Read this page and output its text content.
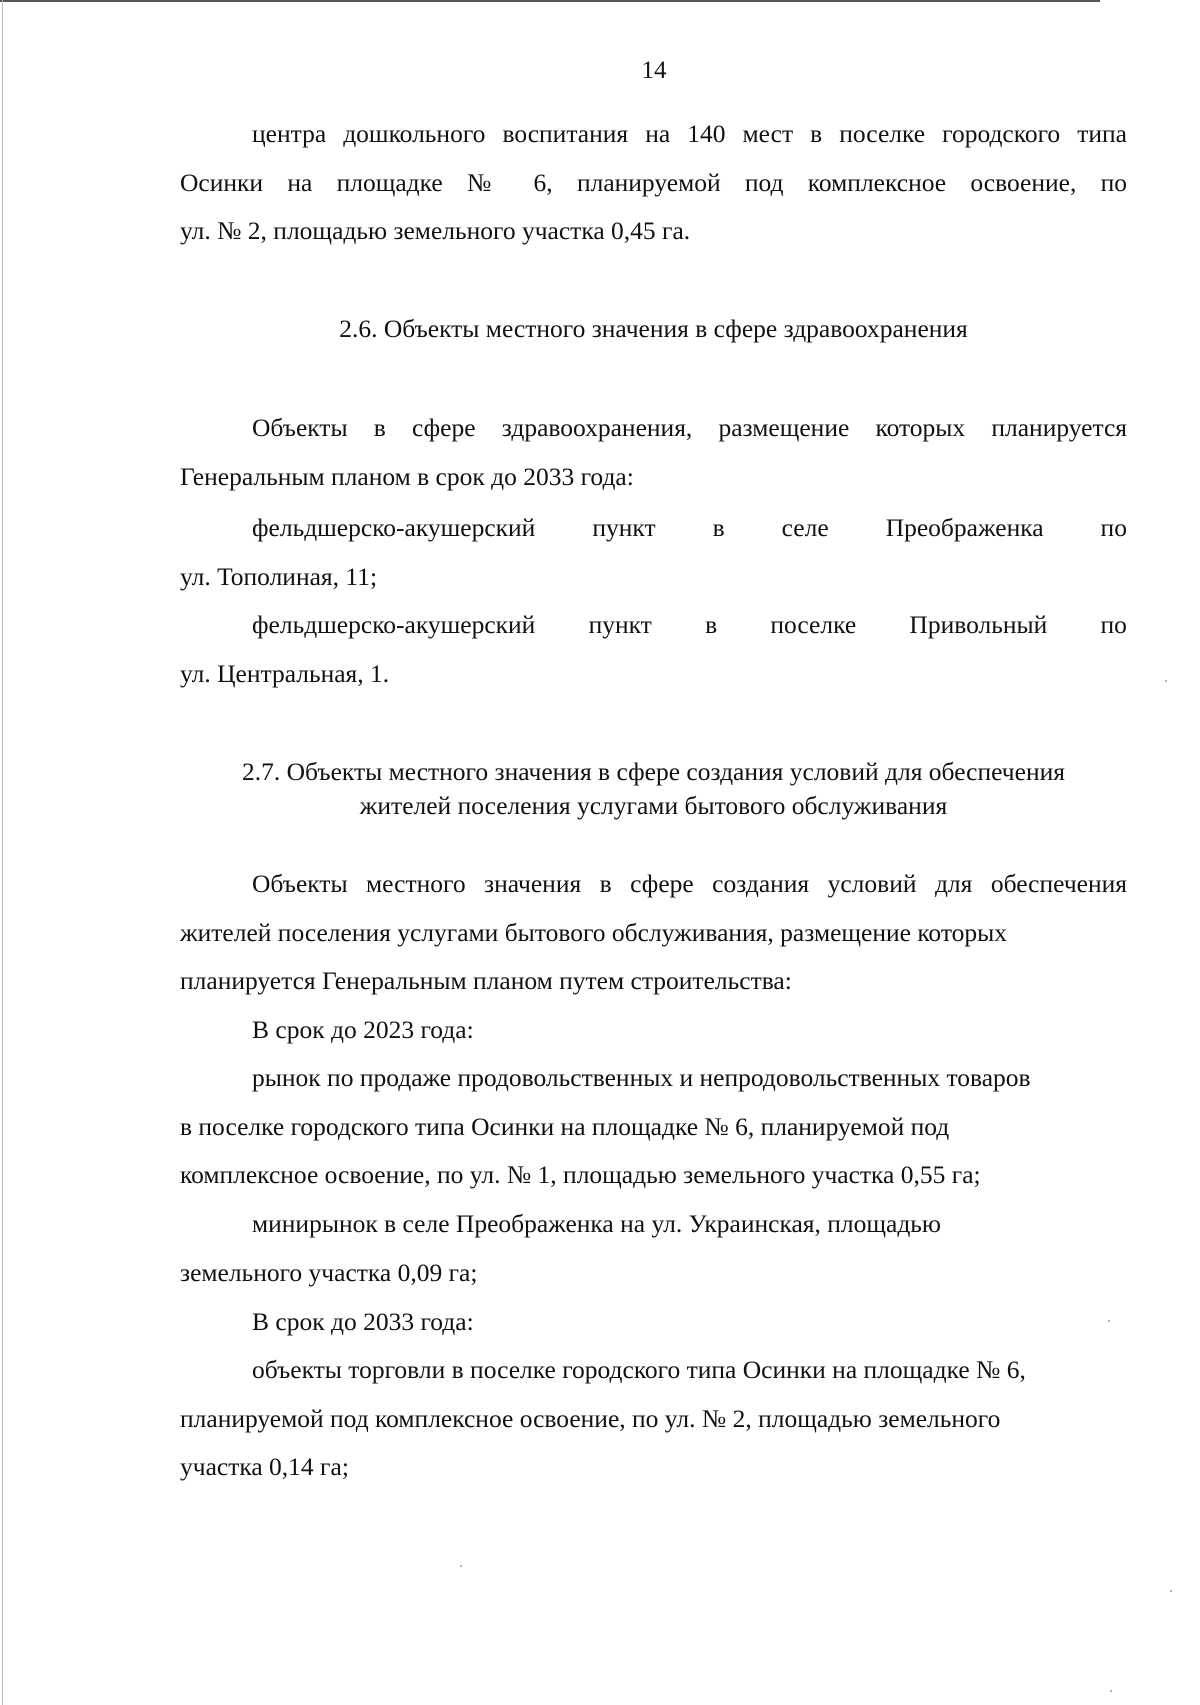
14

центра дошкольного воспитания на 140 мест в поселке городского типа
Осинки на площадке № 6, планируемой под комплексное освоение, по
ул. № 2, площадью земельного участка 0,45 га.

2.6. Объекты местного значения в сфере здравоохранения

Объекты в сфере здравоохранения, размещение которых планируется
Генеральным планом в срок до 2033 года:

фельдшерско-акушерский пункт в селе Преображенка по
ул. Тополиная, 11;
фельдшерско-акушерский пункт в поселке Привольный по
ул. Центральная, 1.
2.7. Объекты местного значения в сфере создания условий для обеспечения
жителей поселения услугами бытового обслуживания

Объекты местного значения в сфере создания условий для обеспечения
жителей поселения услугами бытового обслуживания, размещение которых
планируется Генеральным планом путем строительства:

В срок до 2023 года:

рынок по продаже продовольственных и непродовольственных товаров
в поселке городского типа Осинки на площадке № 6, планируемой под
комплексное освоение, по ул. № 1, площадью земельного участка 0,55 га;

минирынок в селе Преображенка на ул. Украинская, площадью
земельного участка 0,09 га;

В срок до 2033 года:

объекты торговли в поселке городского типа Осинки на площадке № 6,
планируемой под комплексное освоение, по ул. № 2, площадью земельного
участка 0,14 га;
